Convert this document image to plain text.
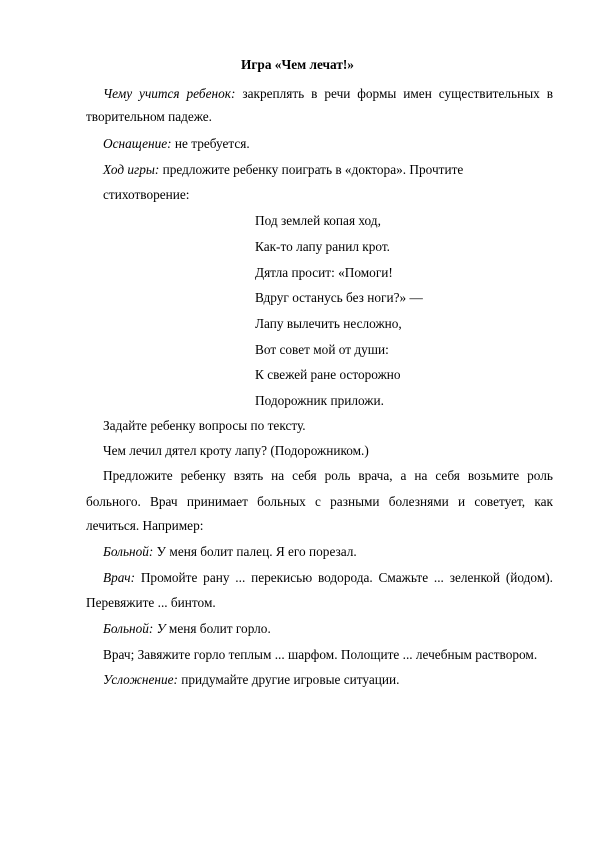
Игра «Чем лечат!»
Чему учится ребенок: закреплять в речи формы имен существительных в
творительном падеже.
Оснащение: не требуется.
Ход игры: предложите ребенку поиграть в «доктора». Прочтите
стихотворение:
Под землей копая ход,
Как-то лапу ранил крот.
Дятла просит: «Помоги!
Вдруг останусь без ноги?» —
Лапу вылечить несложно,
Вот совет мой от души:
К свежей ране осторожно
Подорожник приложи.
Задайте ребенку вопросы по тексту.
Чем лечил дятел кроту лапу? (Подорожником.)
Предложите ребенку взять на себя роль врача, а на себя возьмите роль
больного. Врач принимает больных с разными болезнями и советует, как
лечиться. Например:
Больной: У меня болит палец. Я его порезал.
Врач: Промойте рану ... перекисью водорода. Смажьте ... зеленкой (йодом).
Перевяжите ... бинтом.
Больной: У меня болит горло.
Врач; Завяжите горло теплым ... шарфом. Полощите ... лечебным раствором.
Усложнение: придумайте другие игровые ситуации.
